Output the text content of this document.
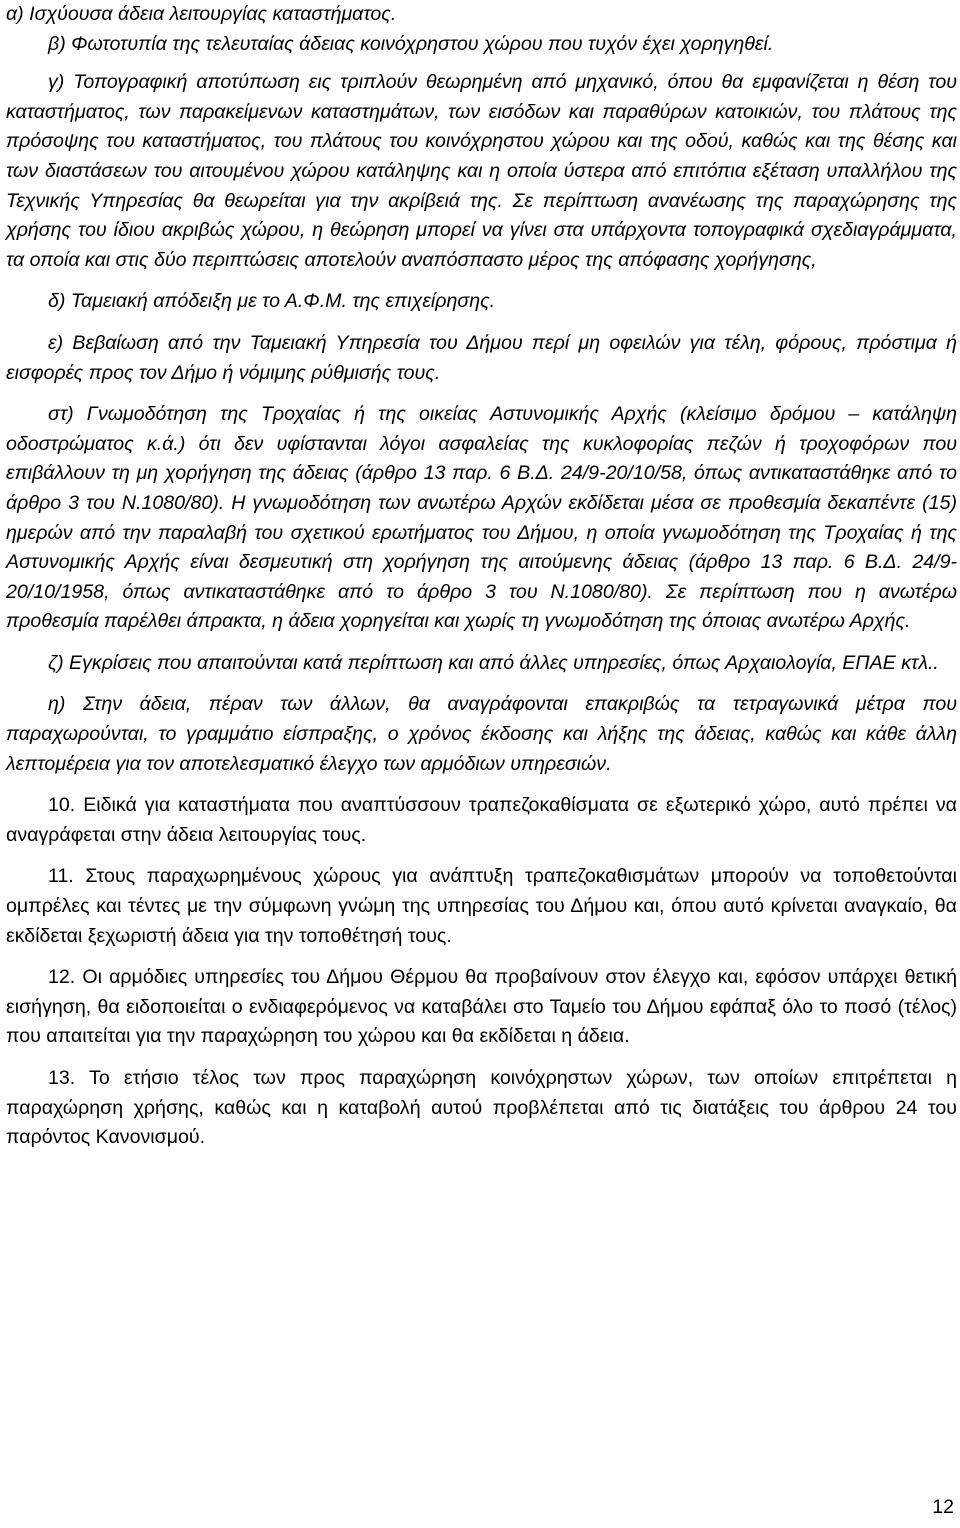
α) Ισχύουσα άδεια λειτουργίας καταστήματος.

β) Φωτοτυπία της τελευταίας άδειας κοινόχρηστου χώρου που τυχόν έχει χορηγηθεί.

γ) Τοπογραφική αποτύπωση εις τριπλούν θεωρημένη από μηχανικό, όπου θα εμφανίζεται η θέση του καταστήματος, των παρακείμενων καταστημάτων, των εισόδων και παραθύρων κατοικιών, του πλάτους της πρόσοψης του καταστήματος, του πλάτους του κοινόχρηστου χώρου και της οδού, καθώς και της θέσης και των διαστάσεων του αιτουμένου χώρου κατάληψης και η οποία ύστερα από επιτόπια εξέταση υπαλλήλου της Τεχνικής Υπηρεσίας θα θεωρείται για την ακρίβειά της. Σε περίπτωση ανανέωσης της παραχώρησης της χρήσης του ίδιου ακριβώς χώρου, η θεώρηση μπορεί να γίνει στα υπάρχοντα τοπογραφικά σχεδιαγράμματα, τα οποία και στις δύο περιπτώσεις αποτελούν αναπόσπαστο μέρος της απόφασης χορήγησης,

δ) Ταμειακή απόδειξη με το Α.Φ.Μ. της επιχείρησης.

ε) Βεβαίωση από την Ταμειακή Υπηρεσία του Δήμου περί μη οφειλών για τέλη, φόρους, πρόστιμα ή εισφορές προς τον Δήμο ή νόμιμης ρύθμισής τους.

στ) Γνωμοδότηση της Τροχαίας ή της οικείας Αστυνομικής Αρχής (κλείσιμο δρόμου – κατάληψη οδοστρώματος κ.ά.) ότι δεν υφίστανται λόγοι ασφαλείας της κυκλοφορίας πεζών ή τροχοφόρων που επιβάλλουν τη μη χορήγηση της άδειας (άρθρο 13 παρ. 6 Β.Δ. 24/9-20/10/58, όπως αντικαταστάθηκε από το άρθρο 3 του Ν.1080/80). Η γνωμοδότηση των ανωτέρω Αρχών εκδίδεται μέσα σε προθεσμία δεκαπέντε (15) ημερών από την παραλαβή του σχετικού ερωτήματος του Δήμου, η οποία γνωμοδότηση της Τροχαίας ή της Αστυνομικής Αρχής είναι δεσμευτική στη χορήγηση της αιτούμενης άδειας (άρθρο 13 παρ. 6 Β.Δ. 24/9-20/10/1958, όπως αντικαταστάθηκε από το άρθρο 3 του Ν.1080/80). Σε περίπτωση που η ανωτέρω προθεσμία παρέλθει άπρακτα, η άδεια χορηγείται και χωρίς τη γνωμοδότηση της όποιας ανωτέρω Αρχής.

ζ) Εγκρίσεις που απαιτούνται κατά περίπτωση και από άλλες υπηρεσίες, όπως Αρχαιολογία, ΕΠΑΕ κτλ..

η) Στην άδεια, πέραν των άλλων, θα αναγράφονται επακριβώς τα τετραγωνικά μέτρα που παραχωρούνται, το γραμμάτιο είσπραξης, ο χρόνος έκδοσης και λήξης της άδειας, καθώς και κάθε άλλη λεπτομέρεια για τον αποτελεσματικό έλεγχο των αρμόδιων υπηρεσιών.

10. Ειδικά για καταστήματα που αναπτύσσουν τραπεζοκαθίσματα σε εξωτερικό χώρο, αυτό πρέπει να αναγράφεται στην άδεια λειτουργίας τους.

11. Στους παραχωρημένους χώρους για ανάπτυξη τραπεζοκαθισμάτων μπορούν να τοποθετούνται ομπρέλες και τέντες με την σύμφωνη γνώμη της υπηρεσίας του Δήμου και, όπου αυτό κρίνεται αναγκαίο, θα εκδίδεται ξεχωριστή άδεια για την τοποθέτησή τους.

12. Οι αρμόδιες υπηρεσίες του Δήμου Θέρμου θα προβαίνουν στον έλεγχο και, εφόσον υπάρχει θετική εισήγηση, θα ειδοποιείται ο ενδιαφερόμενος να καταβάλει στο Ταμείο του Δήμου εφάπαξ όλο το ποσό (τέλος) που απαιτείται για την παραχώρηση του χώρου και θα εκδίδεται η άδεια.

13. Το ετήσιο τέλος των προς παραχώρηση κοινόχρηστων χώρων, των οποίων επιτρέπεται η παραχώρηση χρήσης, καθώς και η καταβολή αυτού προβλέπεται από τις διατάξεις του άρθρου 24 του παρόντος Κανονισμού.

12
